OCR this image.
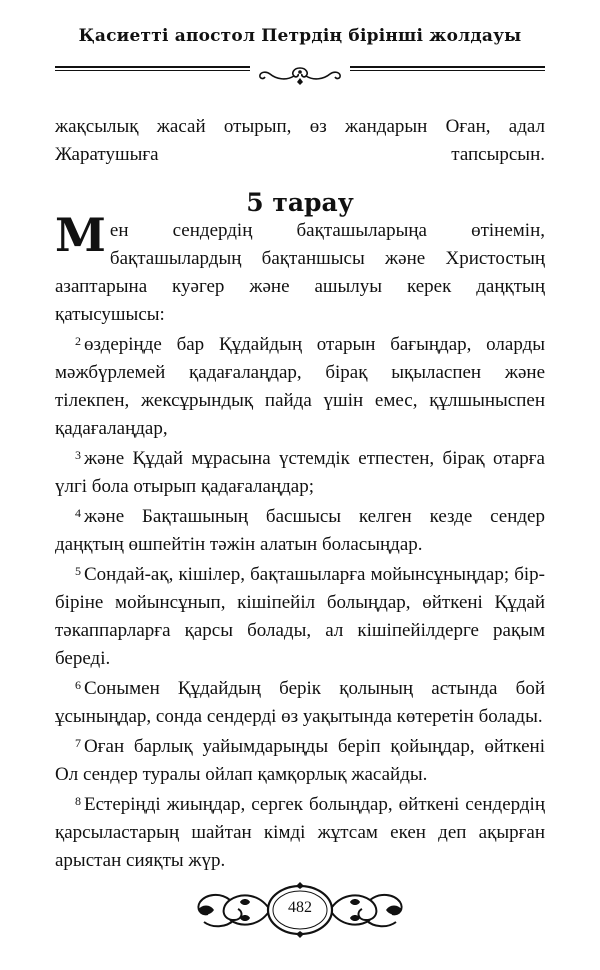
Қасиетті апостол Петрдің бірінші жолдауы

жақсылық жасай отырып, өз жандарын Оған, адал Жаратушыға тапсырсын.

5 тарау

Мен сендердің бақташыларыңа өтінемін, бақташылардың бақтаншысы және Христостың азаптарына куәгер және ашылуы керек даңқтың қатысушысы:

$^2$ өздеріңде бар Құдайдың отарын бағыңдар, оларды мәжбүрлемей қадағалаңдар, бірақ ықыласпен және тілекпен, жексұрындық пайда үшін емес, құлшыныспен қадағалаңдар,

$^3$ және Құдай мұрасына үстемдік етпестен, бірақ отарға үлгі бола отырып қадағалаңдар;

$^4$ және Бақташының басшысы келген кезде сендер даңқтың өшпейтін тәжін алатын боласыңдар.

$^5$ Сондай-ақ, кішілер, бақташыларға мойынсұныңдар; бір-біріне мойынсұнып, кішіпейіл болыңдар, өйткені Құдай тәкаппарларға қарсы болады, ал кішіпейілдерге рақым береді.

$^6$ Сонымен Құдайдың берік қолының астында бой ұсыныңдар, сонда сендерді өз уақытында көтеретін болады.

$^7$ Оған барлық уайымдарыңды беріп қойыңдар, өйткені Ол сендер туралы ойлап қамқорлық жасайды.

$^8$ Естеріңді жиыңдар, сергек болыңдар, өйткені сендердің қарсыластарың шайтан кімді жұтсам екен деп ақырған арыстан сияқты жүр.

482
